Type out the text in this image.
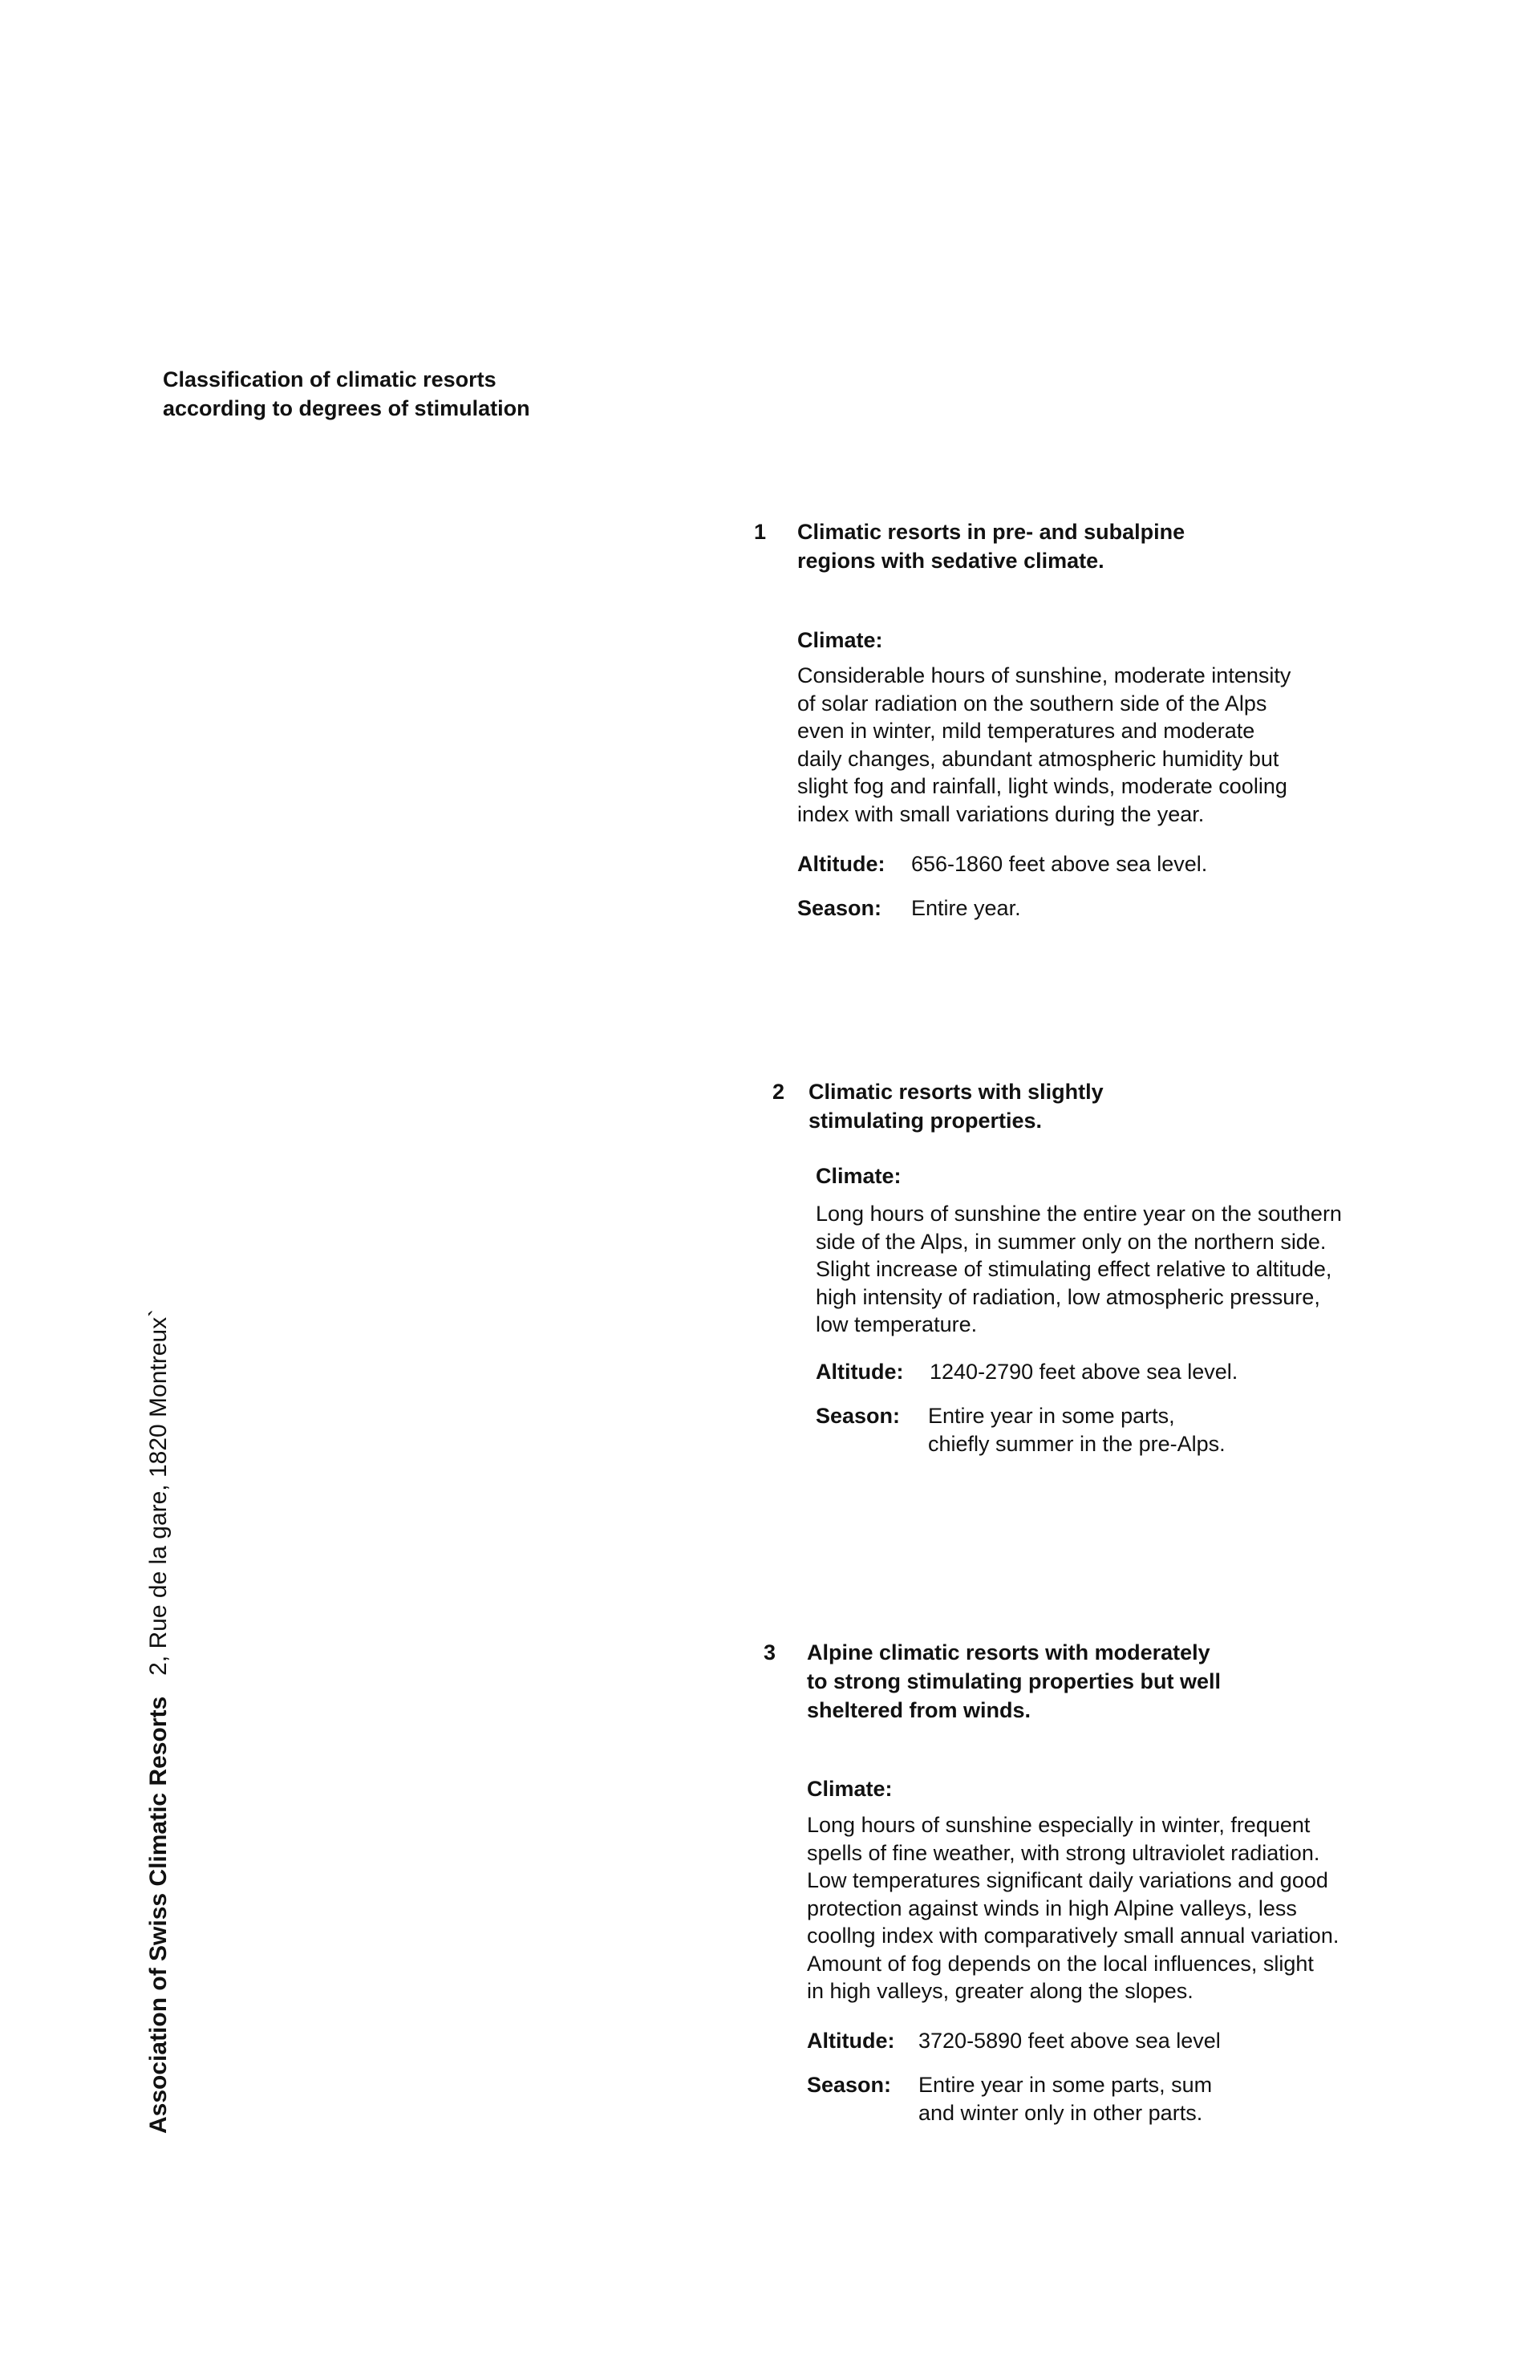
Classification of climatic resorts
according to degrees of stimulation
1 Climatic resorts in pre- and subalpine
regions with sedative climate.
Climate:
Considerable hours of sunshine, moderate intensity
of solar radiation on the southern side of the Alps
even in winter, mild temperatures and moderate
daily changes, abundant atmospheric humidity but
slight fog and rainfall, light winds, moderate cooling
index with small variations during the year.
Altitude: 656-1860 feet above sea level.
Season: Entire year.
2 Climatic resorts with slightly
stimulating properties.
Climate:
Long hours of sunshine the entire year on the southern
side of the Alps, in summer only on the northern side.
Slight increase of stimulating effect relative to altitude,
high intensity of radiation, low atmospheric pressure,
low temperature.
Altitude: 1240-2790 feet above sea level.
Season: Entire year in some parts,
chiefly summer in the pre-Alps.
3 Alpine climatic resorts with moderately
to strong stimulating properties but well
sheltered from winds.
Climate:
Long hours of sunshine especially in winter, frequent
spells of fine weather, with strong ultraviolet radiation.
Low temperatures significant daily variations and good
protection against winds in high Alpine valleys, less
coollng index with comparatively small annual variation.
Amount of fog depends on the local influences, slight
in high valleys, greater along the slopes.
Altitude: 3720-5890 feet above sea level
Season: Entire year in some parts, sum
and winter only in other parts.
Association of Swiss Climatic Resorts2, Rue de la gare, 1820 Montreux`
